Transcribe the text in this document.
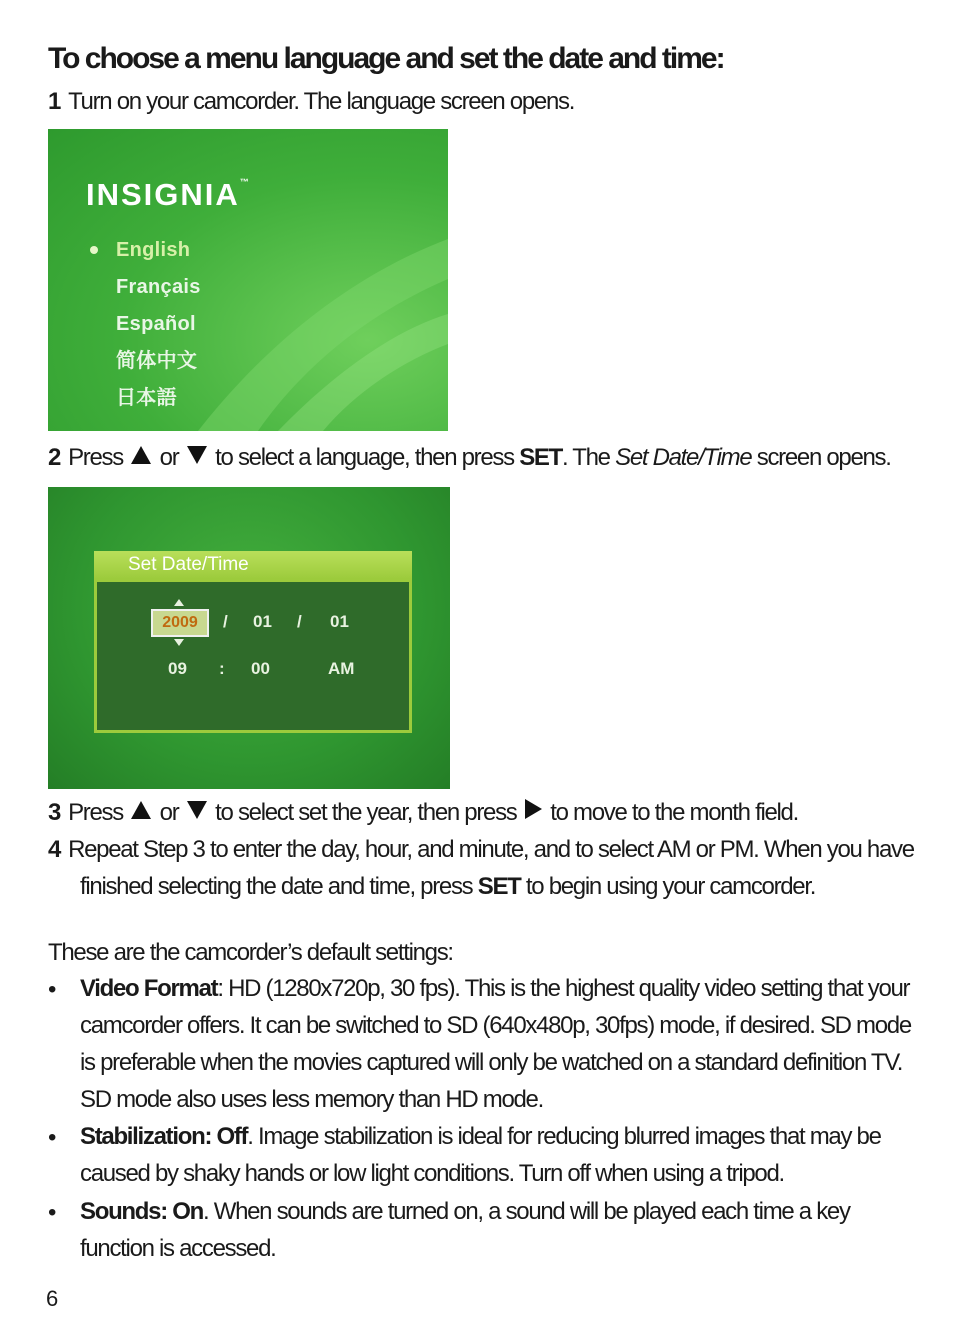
To choose a menu language and set the date and time:
1 Turn on your camcorder. The language screen opens.
INSIGNIA™
English
Français
Español
简体中文
日本語
2 Press or to select a language, then press SET. The Set Date/Time screen opens.
Set Date/Time
2009	/ 01 / 01
09 : 00	AM
3 Press or to select set the year, then press to move to the month field.
4 Repeat Step 3 to enter the day, hour, and minute, and to select AM or PM. When you have
finished selecting the date and time, press SET to begin using your camcorder.
These are the camcorder’s default settings:
• Video Format: HD (1280x720p, 30 fps). This is the highest quality video setting that your camcorder offers. It can be switched to SD (640x480p, 30fps) mode, if desired. SD mode is preferable when the movies captured will only be watched on a standard definition TV. SD mode also uses less memory than HD mode.
• Stabilization: Off. Image stabilization is ideal for reducing blurred images that may be caused by shaky hands or low light conditions. Turn off when using a tripod.
• Sounds: On. When sounds are turned on, a sound will be played each time a key function is accessed.
6
